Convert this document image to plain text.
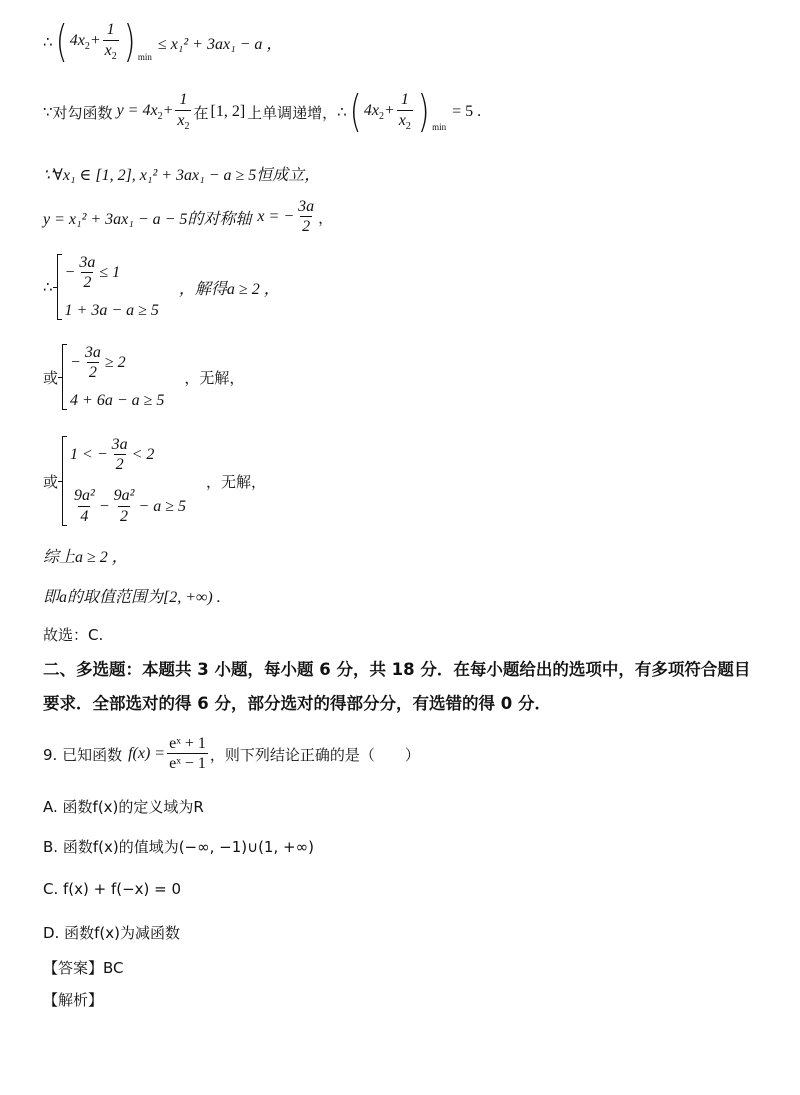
∴ ( $4x_2+ \frac{1}{x_2}$ ) min
≤ x₁² + 3ax₁ − a ，
∵ 对勾函数 $y = 4x_2+ \frac{1}{x_2}$ 在 [1, 2] 上单调递增， ∴ ( $4x_2+ \frac{1}{x_2}$ ) min
= 5 .
∵∀x₁ ∈ [1, 2], x₁² + 3ax₁ − a ≥ 5恒成立，
y = x₁² + 3ax₁ − a − 5的对称轴 x = − $\frac{3a}{2}$ ，
∴
− $\frac{3a}{2} \le 1$
1 + 3a − a ≥ 5
，解得a ≥ 2 ，
或
− $\frac{3a}{2} \ge 2$
4 + 6a − a ≥ 5
，无解，
或
1 < − $\frac{3a}{2} < 2$
$\frac{\text{9a²}}{4} - \frac{\text{9a²}}{2} - a \ge 5$
，无解，
综上a ≥ 2 ，
即a的取值范围为[2, +∞) .
故选：C.
二、多选题：本题共 3 小题，每小题 6 分，共 18 分．在每小题给出的选项中，有多项符合题目要求．全部选对的得 6 分，部分选对的得部分分，有选错的得 0 分．
9. 已知函数 $f(x) = \frac{\text{eˣ + 1}}{\text{eˣ − 1}}$ ，则下列结论正确的是（　　）
A. 函数f(x)的定义域为R
B. 函数f(x)的值域为(−∞, −1)∪(1, +∞)
C. f(x) + f(−x) = 0
D. 函数f(x)为减函数
【答案】BC
【解析】
